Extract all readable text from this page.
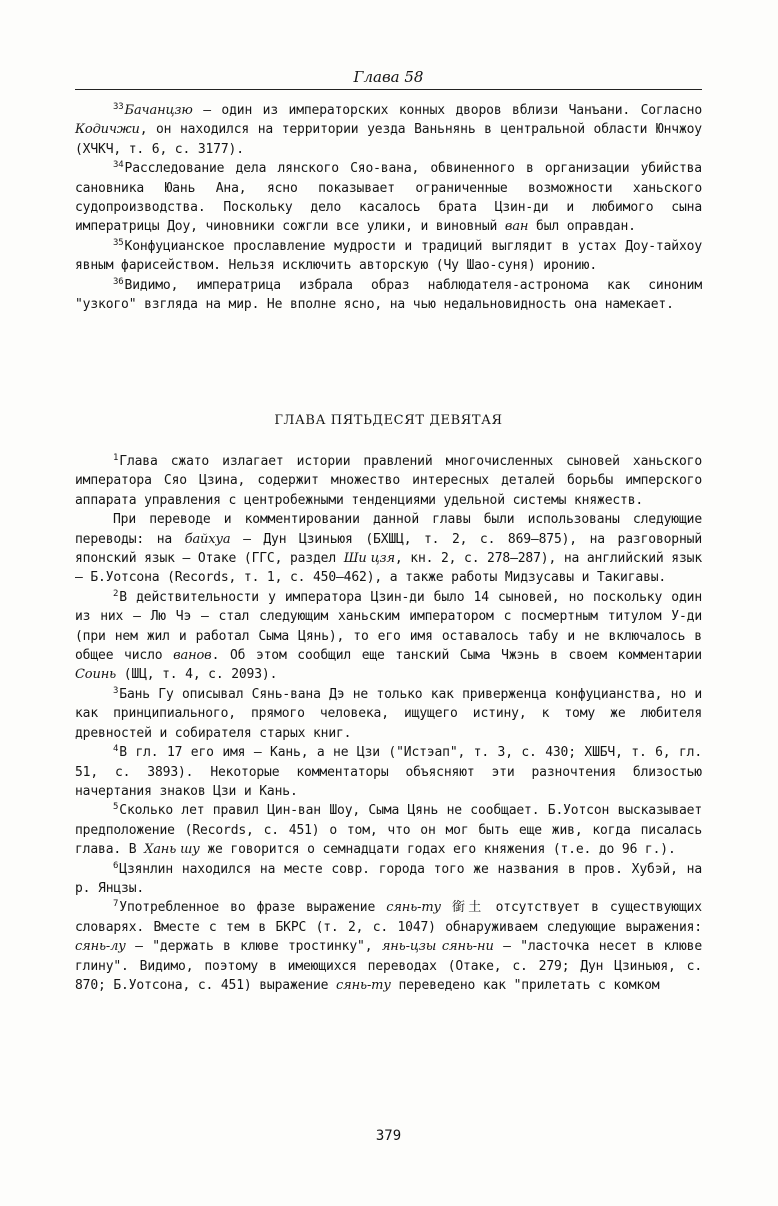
Глава 58

$^{33}$Бачанцзю — один из императорских конных дворов вблизи Чанъани. Согласно Кодичжи, он находился на территории уезда Ваньнянь в центральной области Юнчжоу (ХЧКЧ, т. 6, с. 3177).

$^{34}$Расследование дела лянского Сяо-вана, обвиненного в организации убийства сановника Юань Ана, ясно показывает ограниченные возможности ханьского судопроизводства. Поскольку дело касалось брата Цзин-ди и любимого сына императрицы Доу, чиновники сожгли все улики, и виновный ван был оправдан.

$^{35}$Конфуцианское прославление мудрости и традиций выглядит в устах Доу-тайхоу явным фарисейством. Нельзя исключить авторскую (Чу Шао-суня) иронию.

$^{36}$Видимо, императрица избрала образ наблюдателя-астронома как синоним "узкого" взгляда на мир. Не вполне ясно, на чью недальновидность она намекает.

ГЛАВА ПЯТЬДЕСЯТ ДЕВЯТАЯ

$^1$Глава сжато излагает истории правлений многочисленных сыновей ханьского императора Сяо Цзина, содержит множество интересных деталей борьбы имперского аппарата управления с центробежными тенденциями удельной системы княжеств.

При переводе и комментировании данной главы были использованы следующие переводы: на байхуа — Дун Цзиньюя (БХШЦ, т. 2, с. 869—875), на разговорный японский язык — Отаке (ГГС, раздел Ши цзя, кн. 2, с. 278—287), на английский язык — Б.Уотсона (Records, т. 1, с. 450—462), а также работы Мидзусавы и Такигавы.

$^2$В действительности у императора Цзин-ди было 14 сыновей, но поскольку один из них — Лю Чэ — стал следующим ханьским императором с посмертным титулом У-ди (при нем жил и работал Сыма Цянь), то его имя оставалось табу и не включалось в общее число ванов. Об этом сообщил еще танский Сыма Чжэнь в своем комментарии Соинь (ШЦ, т. 4, с. 2093).

$^3$Бань Гу описывал Сянь-вана Дэ не только как приверженца конфуцианства, но и как принципиального, прямого человека, ищущего истину, к тому же любителя древностей и собирателя старых книг.

$^4$В гл. 17 его имя — Кань, а не Цзи ("Истэап", т. 3, с. 430; ХШБЧ, т. 6, гл. 51, с. 3893). Некоторые комментаторы объясняют эти разночтения близостью начертания знаков Цзи и Кань.

$^5$Сколько лет правил Цин-ван Шоу, Сыма Цянь не сообщает. Б.Уотсон высказывает предположение (Records, с. 451) о том, что он мог быть еще жив, когда писалась глава. В Хань шу же говорится о семнадцати годах его княжения (т.е. до 96 г.).

$^6$Цзянлин находился на месте совр. города того же названия в пров. Хубэй, на р. Янцзы.

$^7$Употребленное во фразе выражение сянь-ту 銜土 отсутствует в существующих словарях. Вместе с тем в БКРС (т. 2, с. 1047) обнаруживаем следующие выражения: сянь-лу — "держать в клюве тростинку", янь-цзы сянь-ни — "ласточка несет в клюве глину". Видимо, поэтому в имеющихся переводах (Отаке, с. 279; Дун Цзиньюя, с. 870; Б.Уотсона, с. 451) выражение сянь-ту переведено как "прилетать с комком

379
